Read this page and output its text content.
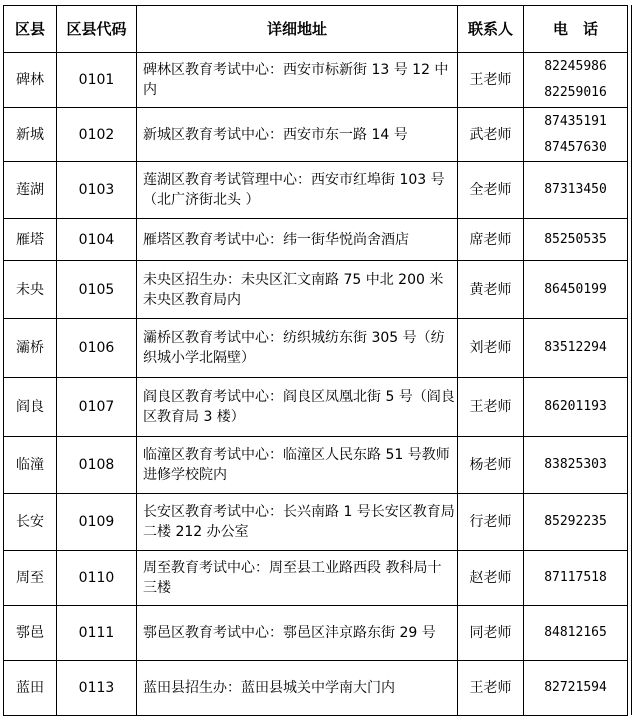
区县	区县代码	详细地址	联系人	电　话
碑林	0101	碑林区教育考试中心：西安市标新街 13 号 12 中内	王老师	82245986
82259016

新城	0102	新城区教育考试中心：西安市东一路 14 号	武老师	87435191
87457630

莲湖	0103	莲湖区教育考试管理中心：西安市红埠街 103 号（北广济街北头 ）	全老师	87313450

雁塔	0104	雁塔区教育考试中心：纬一街华悦尚舍酒店	席老师	85250535

未央	0105	未央区招生办：未央区汇文南路 75 中北 200 米未央区教育局内	黄老师	86450199

灞桥	0106	灞桥区教育考试中心：纺织城纺东街 305 号（纺织城小学北隔壁）	刘老师	83512294

阎良	0107	阎良区教育考试中心：阎良区凤凰北街 5 号（阎良区教育局 3 楼）	王老师	86201193

临潼	0108	临潼区教育考试中心：临潼区人民东路 51 号教师进修学校院内	杨老师	83825303

长安	0109	长安区教育考试中心：长兴南路 1 号长安区教育局二楼 212 办公室	行老师	85292235

周至	0110	周至教育考试中心：周至县工业路西段 教科局十三楼	赵老师	87117518

鄠邑	0111	鄠邑区教育考试中心：鄠邑区沣京路东街 29 号	同老师	84812165

蓝田	0113	蓝田县招生办：蓝田县城关中学南大门内	王老师	82721594
